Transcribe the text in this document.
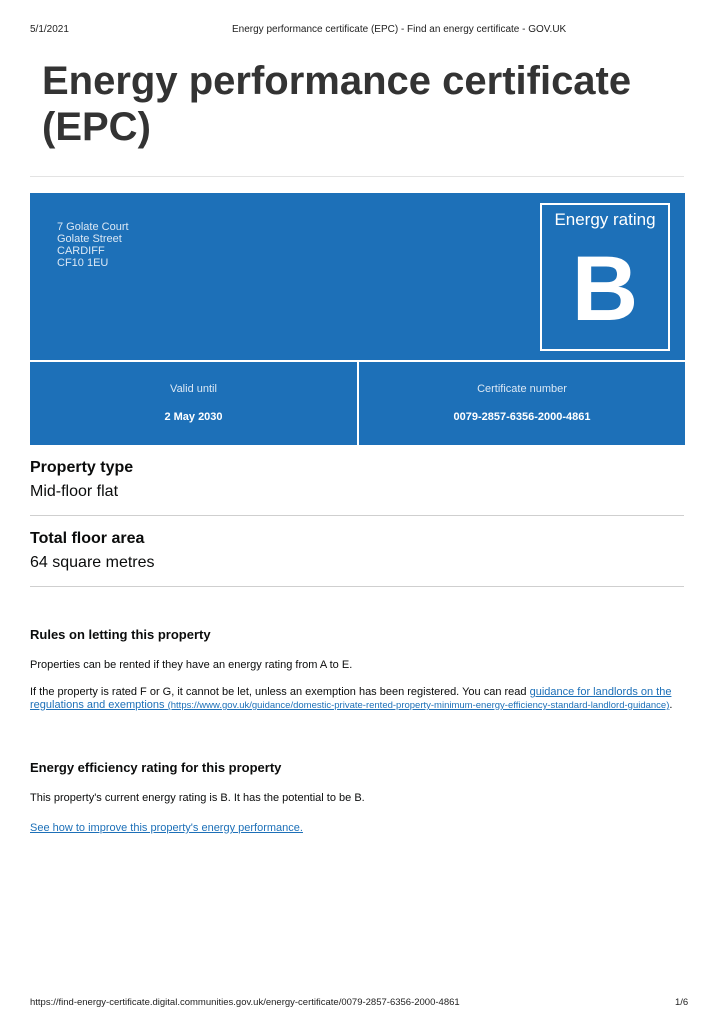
5/1/2021	Energy performance certificate (EPC) - Find an energy certificate - GOV.UK
Energy performance certificate (EPC)
7 Golate Court
Golate Street
CARDIFF
CF10 1EU
Energy rating
B
Valid until
2 May 2030
Certificate number
0079-2857-6356-2000-4861
Property type
Mid-floor flat
Total floor area
64 square metres
Rules on letting this property

Properties can be rented if they have an energy rating from A to E.

If the property is rated F or G, it cannot be let, unless an exemption has been registered. You can read guidance for landlords on the regulations and exemptions (https://www.gov.uk/guidance/domestic-private-rented-property-minimum-energy-efficiency-standard-landlord-guidance).

Energy efficiency rating for this property

This property's current energy rating is B. It has the potential to be B.

See how to improve this property's energy performance.
https://find-energy-certificate.digital.communities.gov.uk/energy-certificate/0079-2857-6356-2000-4861	1/6
